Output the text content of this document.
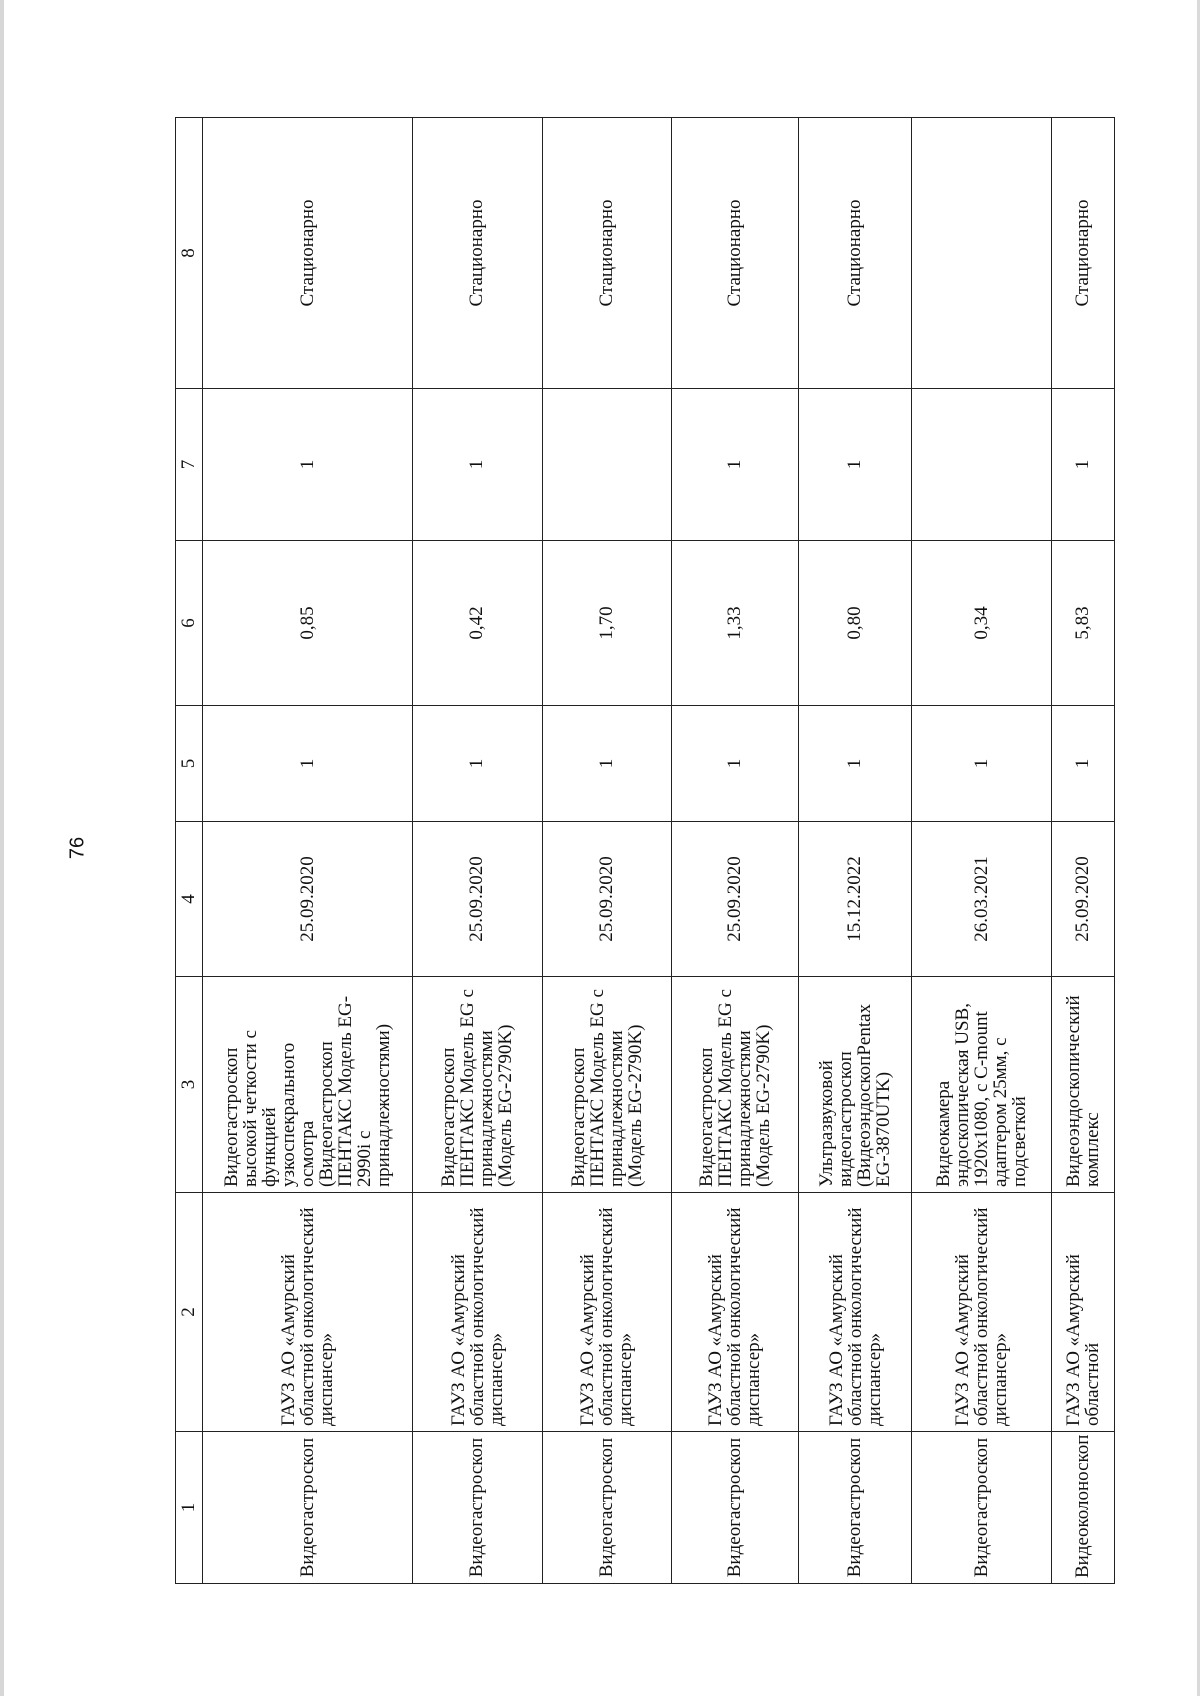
76
1	2	3	4	5	6	7	8
Видеогастроскоп	ГАУЗ АО «Амурский областной онкологический диспансер»	Видеогастроскоп высокой четкости с функцией узкоспекрального осмотра (Видеогастроскоп ПЕНТАКС Модель EG-2990i с принадлежностями)	25.09.2020	1	0,85	1	Стационарно
Видеогастроскоп	ГАУЗ АО «Амурский областной онкологический диспансер»	Видеогастроскоп ПЕНТАКС Модель EG с принадлежностями (Модель EG-2790K)	25.09.2020	1	0,42	1	Стационарно
Видеогастроскоп	ГАУЗ АО «Амурский областной онкологический диспансер»	Видеогастроскоп ПЕНТАКС Модель EG с принадлежностями (Модель EG-2790K)	25.09.2020	1	1,70		Стационарно
Видеогастроскоп	ГАУЗ АО «Амурский областной онкологический диспансер»	Видеогастроскоп ПЕНТАКС Модель EG с принадлежностями (Модель EG-2790K)	25.09.2020	1	1,33	1	Стационарно
Видеогастроскоп	ГАУЗ АО «Амурский областной онкологический диспансер»	Ультразвуковой видеогастроскоп (ВидеоэндоскопPentax EG-3870UTK)	15.12.2022	1	0,80	1	Стационарно
Видеогастроскоп	ГАУЗ АО «Амурский областной онкологический диспансер»	Видеокамера эндоскопическая USB, 1920x1080, с C-mount адаптером 25мм, с подсветкой	26.03.2021	1	0,34		
Видеоколоноскоп	ГАУЗ АО «Амурский областной	Видеоэндоскопический комплекс	25.09.2020	1	5,83	1	Стационарно
